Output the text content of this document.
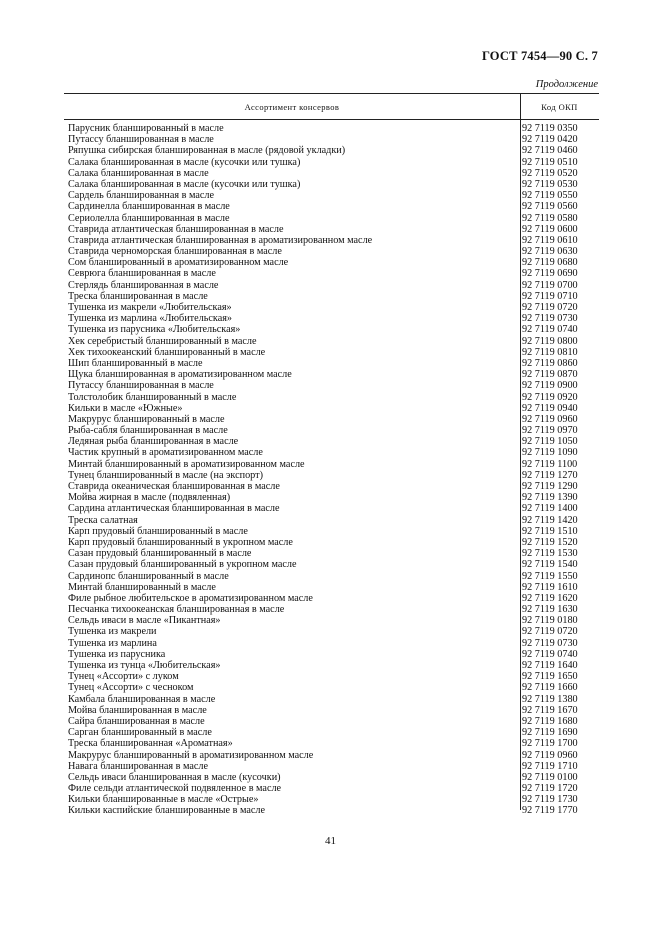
ГОСТ 7454—90 С. 7
Продолжение
Ассортимент консервов	Код ОКП
Парусник бланшированный в масле	92 7119 0350
Путассу бланшированная в масле	92 7119 0420
Ряпушка сибирская бланшированная в масле (рядовой укладки)	92 7119 0460
Салака бланшированная в масле (кусочки или тушка)	92 7119 0510
Салака бланшированная в масле	92 7119 0520
Салака бланшированная в масле (кусочки или тушка)	92 7119 0530
Сардель бланшированная в масле	92 7119 0550
Сардинелла бланшированная в масле	92 7119 0560
Сериолелла бланшированная в масле	92 7119 0580
Ставрида атлантическая бланшированная в масле	92 7119 0600
Ставрида атлантическая бланшированная в ароматизированном масле	92 7119 0610
Ставрида черноморская бланшированная в масле	92 7119 0630
Сом бланшированный в ароматизированном масле	92 7119 0680
Севрюга бланшированная в масле	92 7119 0690
Стерлядь бланшированная в масле	92 7119 0700
Треска бланшированная в масле	92 7119 0710
Тушенка из макрели «Любительская»	92 7119 0720
Тушенка из марлина «Любительская»	92 7119 0730
Тушенка из парусника «Любительская»	92 7119 0740
Хек серебристый бланшированный в масле	92 7119 0800
Хек тихоокеанский бланшированный в масле	92 7119 0810
Шип бланшированный в масле	92 7119 0860
Щука бланшированная в ароматизированном масле	92 7119 0870
Путассу бланшированная в масле	92 7119 0900
Толстолобик бланшированный в масле	92 7119 0920
Кильки в масле «Южные»	92 7119 0940
Макрурус бланшированный в масле	92 7119 0960
Рыба-сабля бланшированная в масле	92 7119 0970
Ледяная рыба бланшированная в масле	92 7119 1050
Частик крупный в ароматизированном масле	92 7119 1090
Минтай бланшированный в ароматизированном масле	92 7119 1100
Тунец бланшированный в масле (на экспорт)	92 7119 1270
Ставрида океаническая бланшированная в масле	92 7119 1290
Мойва жирная в масле (подвяленная)	92 7119 1390
Сардина атлантическая бланшированная в масле	92 7119 1400
Треска салатная	92 7119 1420
Карп прудовый бланшированный в масле	92 7119 1510
Карп прудовый бланшированный в укропном масле	92 7119 1520
Сазан прудовый бланшированный в масле	92 7119 1530
Сазан прудовый бланшированный в укропном масле	92 7119 1540
Сардинопс бланшированный в масле	92 7119 1550
Минтай бланшированный в масле	92 7119 1610
Филе рыбное любительское в ароматизированном масле	92 7119 1620
Песчанка тихоокеанская бланшированная в масле	92 7119 1630
Сельдь иваси в масле «Пикантная»	92 7119 0180
Тушенка из макрели	92 7119 0720
Тушенка из марлина	92 7119 0730
Тушенка из парусника	92 7119 0740
Тушенка из тунца «Любительская»	92 7119 1640
Тунец «Ассорти» с луком	92 7119 1650
Тунец «Ассорти» с чесноком	92 7119 1660
Камбала бланшированная в масле	92 7119 1380
Мойва бланшированная в масле	92 7119 1670
Сайра бланшированная в масле	92 7119 1680
Сарган бланшированный в масле	92 7119 1690
Треска бланшированная «Ароматная»	92 7119 1700
Макрурус бланшированный в ароматизированном масле	92 7119 0960
Навага бланшированная в масле	92 7119 1710
Сельдь иваси бланшированная в масле (кусочки)	92 7119 0100
Филе сельди атлантической подвяленное в масле	92 7119 1720
Кильки бланшированные в масле «Острые»	92 7119 1730
Кильки каспийские бланшированные в масле	92 7119 1770
41
